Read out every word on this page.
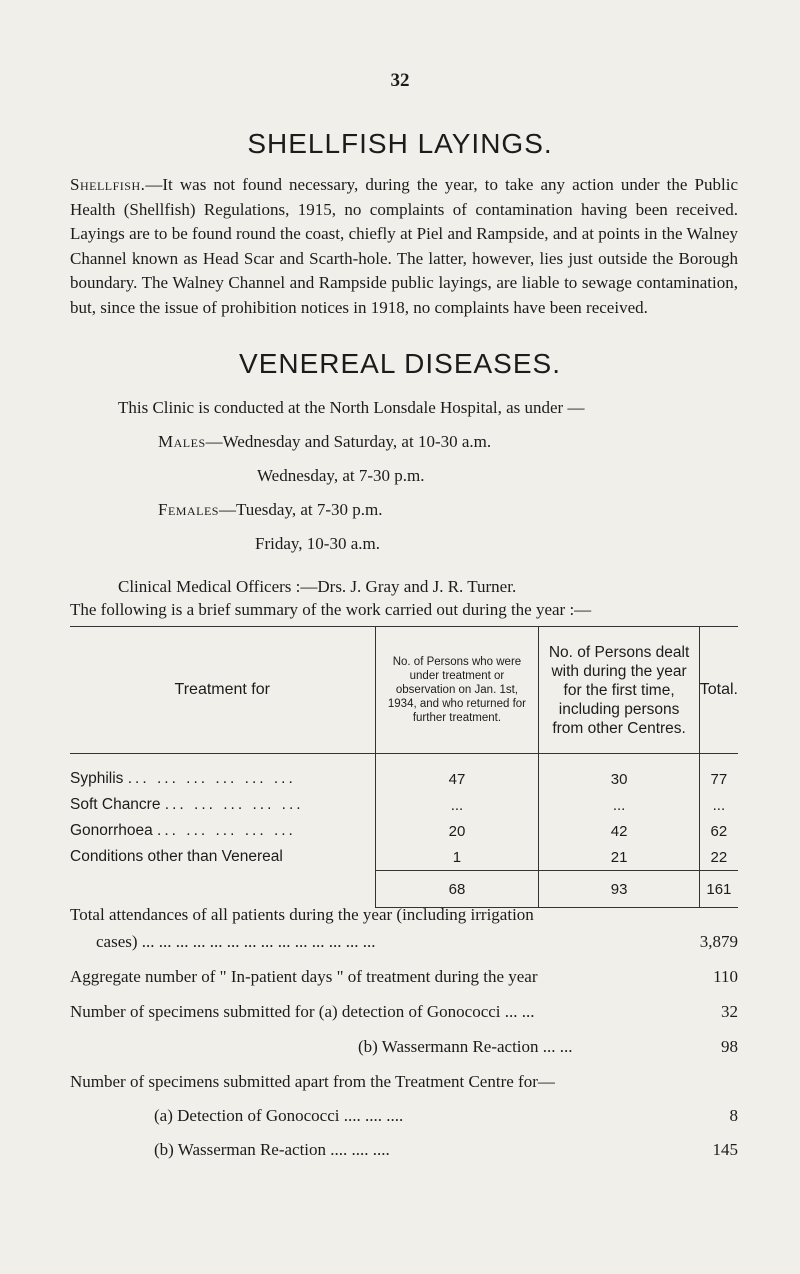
32
SHELLFISH LAYINGS.
Shellfish.—It was not found necessary, during the year, to take any action under the Public Health (Shellfish) Regulations, 1915, no complaints of contamination having been received. Layings are to be found round the coast, chiefly at Piel and Rampside, and at points in the Walney Channel known as Head Scar and Scarth-hole. The latter, however, lies just outside the Borough boundary. The Walney Channel and Rampside public layings, are liable to sewage contamination, but, since the issue of prohibition notices in 1918, no complaints have been received.
VENEREAL DISEASES.
This Clinic is conducted at the North Lonsdale Hospital, as under —
Males—Wednesday and Saturday, at 10-30 a.m.
Wednesday, at 7-30 p.m.
Females—Tuesday, at 7-30 p.m.
Friday, 10-30 a.m.
Clinical Medical Officers :—Drs. J. Gray and J. R. Turner.
Treatment for	No. of Persons who were under treatment or observation on Jan. 1st, 1934, and who returned for further treatment.	No. of Persons dealt with during the year for the first time, including persons from other Centres.	Total.
Syphilis ... ... ... ... ... ...	47	30	77
Soft Chancre ... ... ... ... ...	...	...	...
Gonorrhoea ... ... ... ... ...	20	42	62
Conditions other than Venereal	1	21	22
	68	93	161
Total attendances of all patients during the year (including irrigation
cases) ... ... ... ... ... ... ... ... ... ... ... ... ... ...	3,879
Aggregate number of " In-patient days " of treatment during the year	110
Number of specimens submitted for (a) detection of Gonococci ... ...	32
(b) Wassermann Re-action ... ...	98
Number of specimens submitted apart from the Treatment Centre for—
(a) Detection of Gonococci .... .... ....	8
(b) Wasserman Re-action .... .... ....	145
The following is a brief summary of the work carried out during the year :—
